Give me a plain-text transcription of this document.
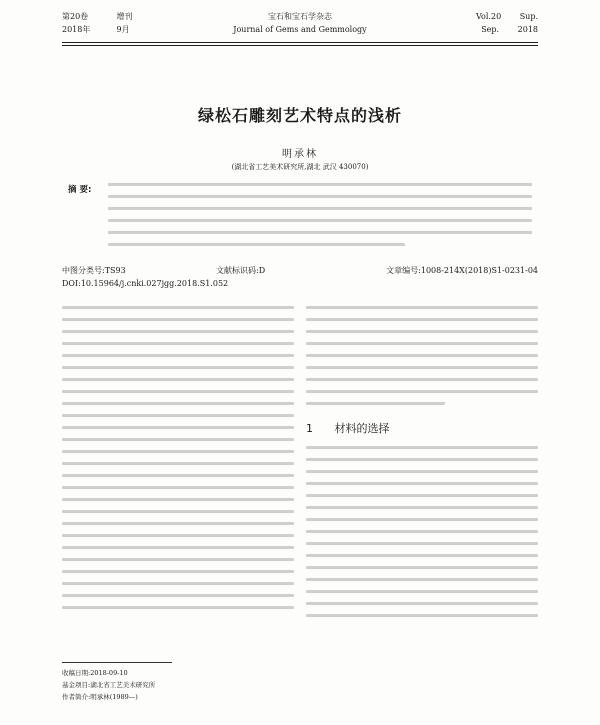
第20卷	增刊
2018年	9月
宝石和宝石学杂志
Journal of Gems and Gemmology
Vol.20 Sup.
Sep. 2018
绿松石雕刻艺术特点的浅析
明承林
(湖北省工艺美术研究所,湖北 武汉 430070)
摘 要:
中图分类号:TS93	文献标识码:D	文章编号:1008-214X(2018)S1-0231-04
DOI:10.15964/j.cnki.027jgg.2018.S1.052
1 材料的选择
收稿日期:2018-09-10
基金项目:湖北省工艺美术研究所
作者简介:明承林(1989—)
